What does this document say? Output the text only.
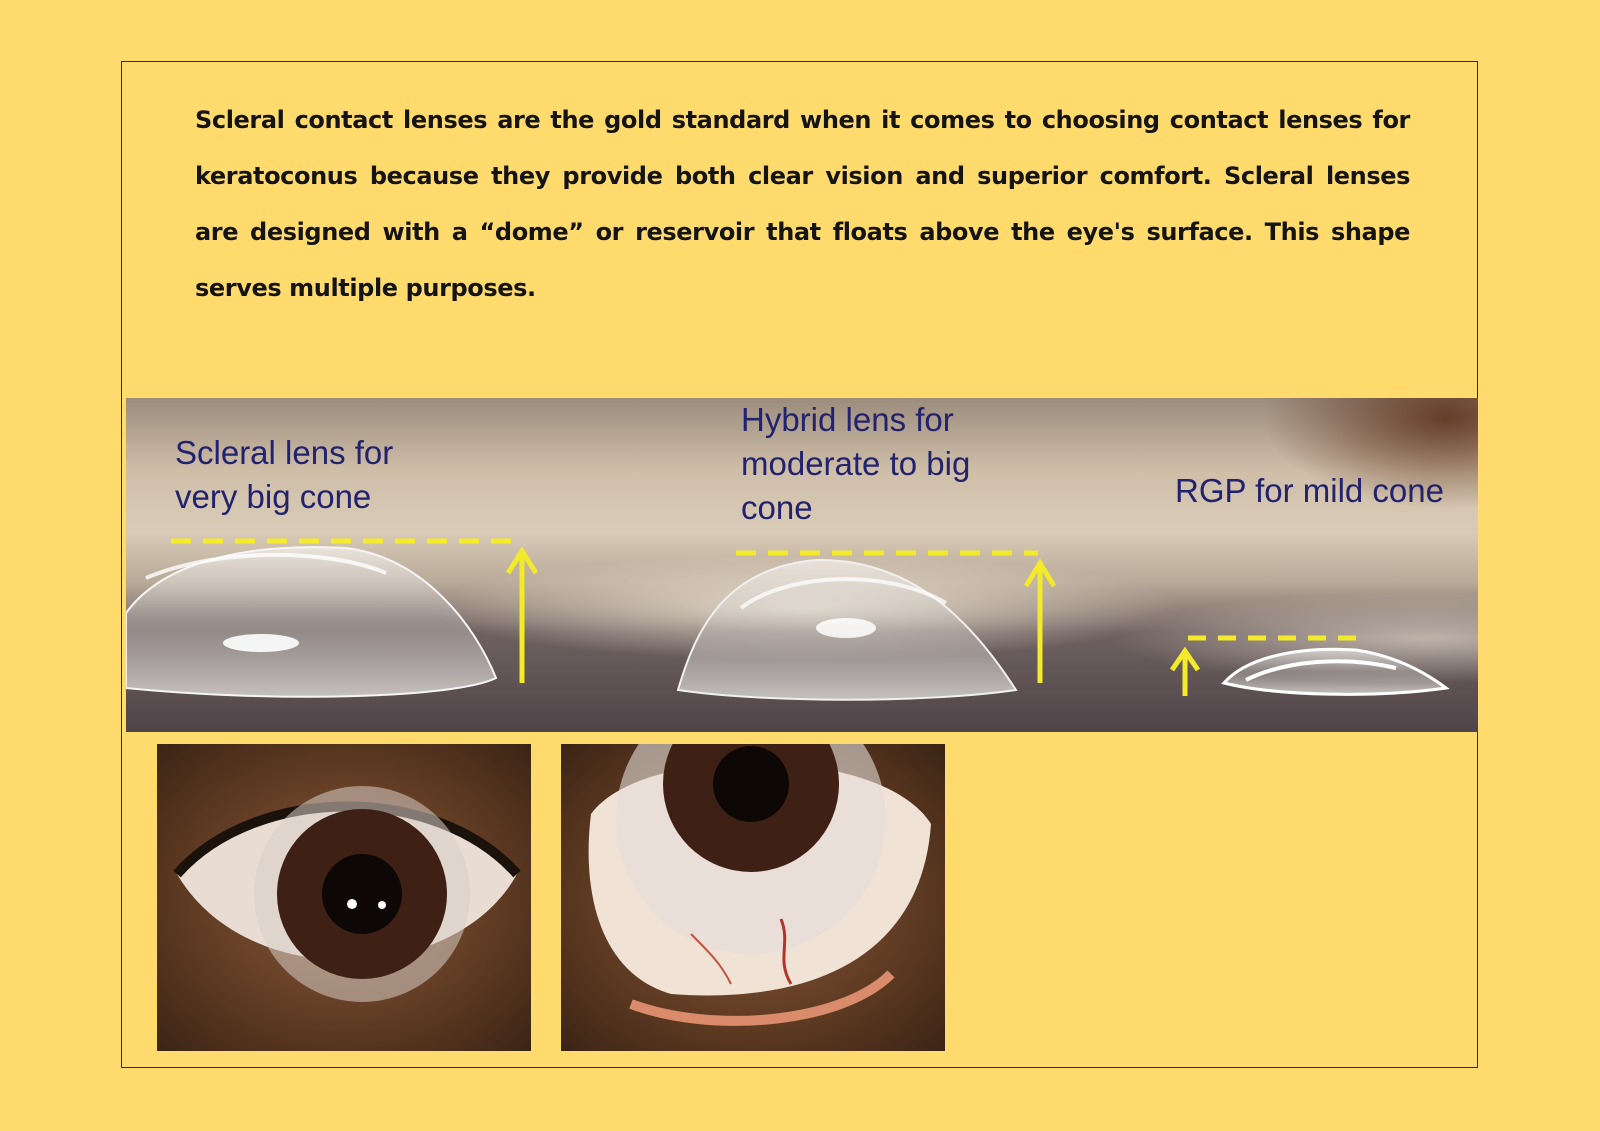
Scleral contact lenses are the gold standard when it comes to choosing contact lenses for keratoconus because they provide both clear vision and superior comfort. Scleral lenses are designed with a “dome” or reservoir that floats above the eye's surface. This shape serves multiple purposes.

Scleral lens for
very big cone

Hybrid lens for
moderate to big
cone	RGP for mild cone
